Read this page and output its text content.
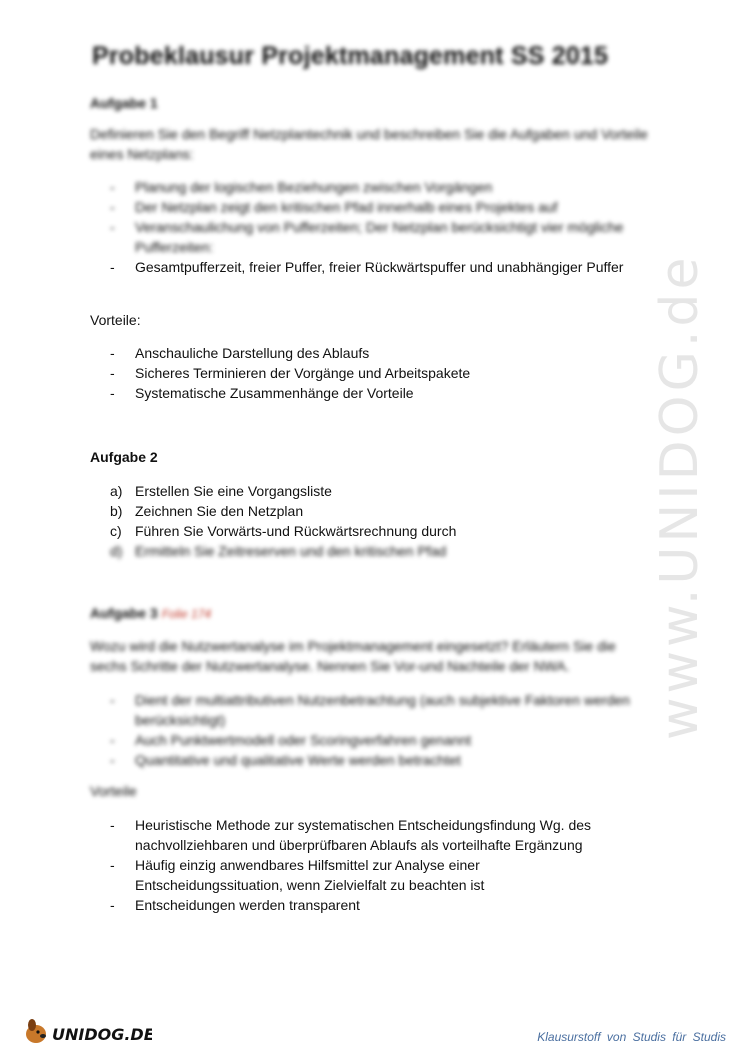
www.UNIDOG.de
Probeklausur Projektmanagement SS 2015
Aufgabe 1
Definieren Sie den Begriff Netzplantechnik und beschreiben Sie die Aufgaben und Vorteile eines Netzplans:
- Planung der logischen Beziehungen zwischen Vorgängen
- Der Netzplan zeigt den kritischen Pfad innerhalb eines Projektes auf
- Veranschaulichung von Pufferzeiten; Der Netzplan berücksichtigt vier mögliche Pufferzeiten:
- Gesamtpufferzeit, freier Puffer, freier Rückwärtspuffer und unabhängiger Puffer
Vorteile:
- Anschauliche Darstellung des Ablaufs
- Sicheres Terminieren der Vorgänge und Arbeitspakete
- Systematische Zusammenhänge der Vorteile
Aufgabe 2
a) Erstellen Sie eine Vorgangsliste
b) Zeichnen Sie den Netzplan
c) Führen Sie Vorwärts-und Rückwärtsrechnung durch
d) Ermitteln Sie Zeitreserven und den kritischen Pfad
Aufgabe 3 Folie 174
Wozu wird die Nutzwertanalyse im Projektmanagement eingesetzt? Erläutern Sie die sechs Schritte der Nutzwertanalyse. Nennen Sie Vor-und Nachteile der NWA.
- Dient der multiattributiven Nutzenbetrachtung (auch subjektive Faktoren werden berücksichtigt)
- Auch Punktwertmodell oder Scoringverfahren genannt
- Quantitative und qualitative Werte werden betrachtet
Vorteile
- Heuristische Methode zur systematischen Entscheidungsfindung Wg. des nachvollziehbaren und überprüfbaren Ablaufs als vorteilhafte Ergänzung
- Häufig einzig anwendbares Hilfsmittel zur Analyse einer Entscheidungssituation, wenn Zielvielfalt zu beachten ist
- Entscheidungen werden transparent
UNIDOG.DE	Klausurstoff von Studis für Studis
